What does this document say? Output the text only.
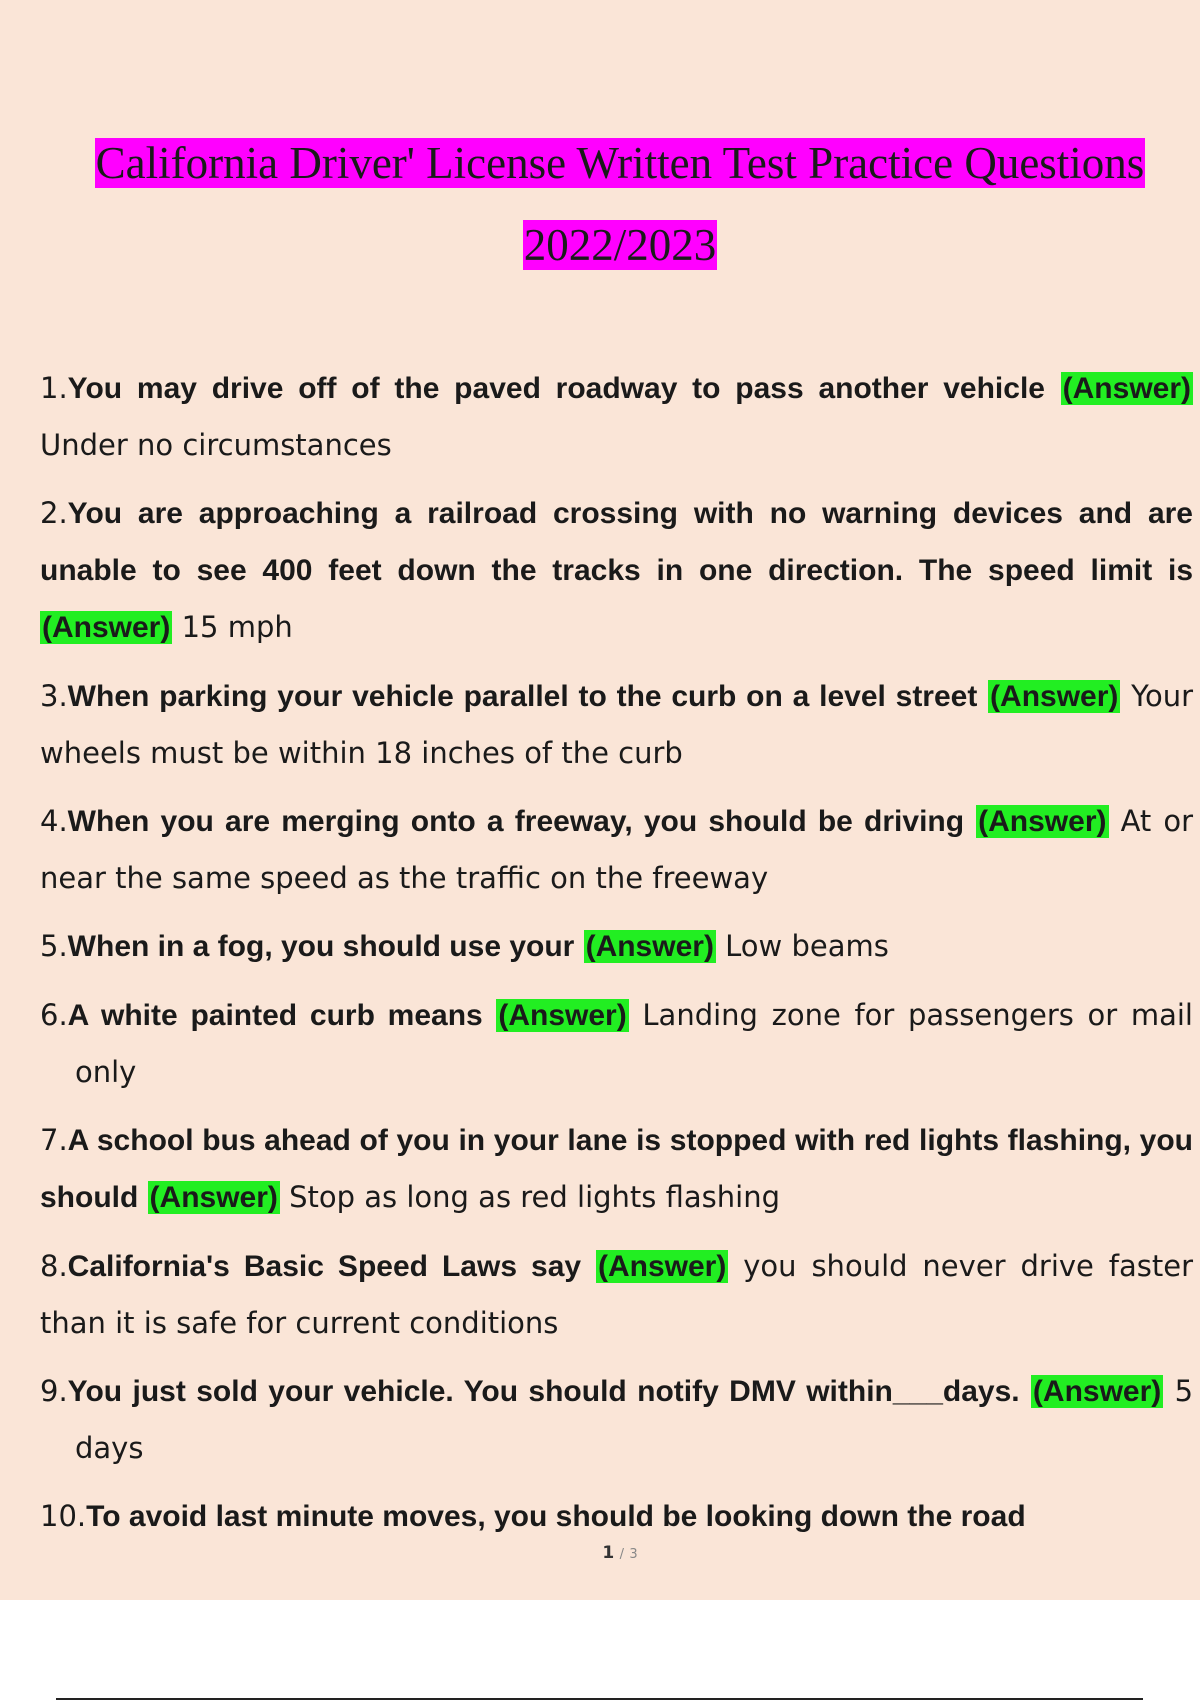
California Driver' License Written Test Practice Questions
2022/2023

1.You may drive off of the paved roadway to pass another vehicle (Answer) Under no circumstances

2.You are approaching a railroad crossing with no warning devices and are unable to see 400 feet down the tracks in one direction. The speed limit is (Answer) 15 mph

3.When parking your vehicle parallel to the curb on a level street (Answer) Your wheels must be within 18 inches of the curb

4.When you are merging onto a freeway, you should be driving (Answer) At or near the same speed as the traffic on the freeway

5.When in a fog, you should use your (Answer) Low beams

6.A white painted curb means (Answer) Landing zone for passengers or mail only

7.A school bus ahead of you in your lane is stopped with red lights flashing, you should (Answer) Stop as long as red lights flashing

8.California's Basic Speed Laws say (Answer) you should never drive faster than it is safe for current conditions

9.You just sold your vehicle. You should notify DMV within___days. (Answer) 5 days

10.To avoid last minute moves, you should be looking down the road

1 / 3
